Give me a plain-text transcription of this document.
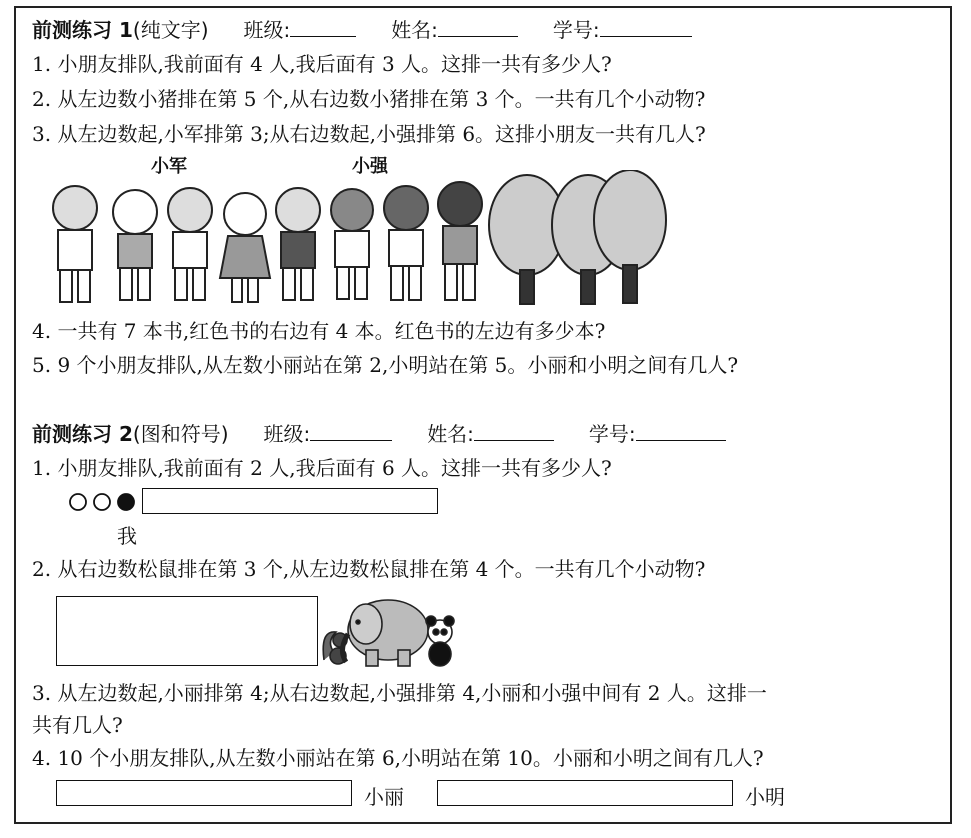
前测练习 1(纯文字) 班级:	姓名:	学号:
1. 小朋友排队,我前面有 4 人,我后面有 3 人。这排一共有多少人?
2. 从左边数小猪排在第 5 个,从右边数小猪排在第 3 个。一共有几个小动物?
3. 从左边数起,小军排第 3;从右边数起,小强排第 6。这排小朋友一共有几人?
小军	小强
4. 一共有 7 本书,红色书的右边有 4 本。红色书的左边有多少本?
5. 9 个小朋友排队,从左数小丽站在第 2,小明站在第 5。小丽和小明之间有几人?
前测练习 2(图和符号) 班级:	姓名:	学号:
1. 小朋友排队,我前面有 2 人,我后面有 6 人。这排一共有多少人?
我
2. 从右边数松鼠排在第 3 个,从左边数松鼠排在第 4 个。一共有几个小动物?
3. 从左边数起,小丽排第 4;从右边数起,小强排第 4,小丽和小强中间有 2 人。这排一
共有几人?
4. 10 个小朋友排队,从左数小丽站在第 6,小明站在第 10。小丽和小明之间有几人?
小丽	小明
